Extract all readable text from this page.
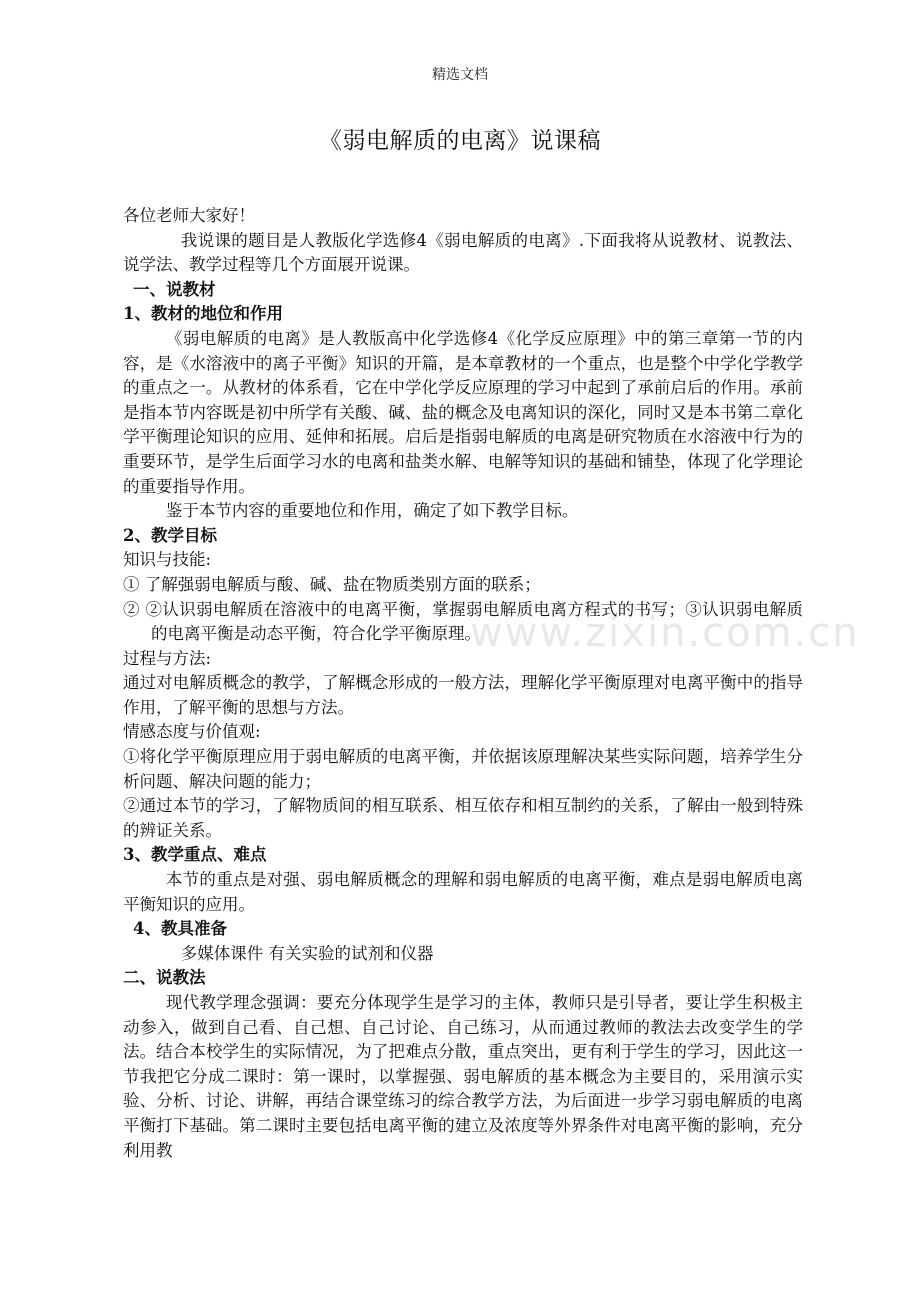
精选文档
《弱电解质的电离》说课稿
www.zixin.com.cn

各位老师大家好！

我说课的题目是人教版化学选修4《弱电解质的电离》.下面我将从说教材、说教法、说学法、教学过程等几个方面展开说课。

一、说教材

1、教材的地位和作用

《弱电解质的电离》是人教版高中化学选修4《化学反应原理》中的第三章第一节的内容，是《水溶液中的离子平衡》知识的开篇，是本章教材的一个重点，也是整个中学化学教学的重点之一。从教材的体系看，它在中学化学反应原理的学习中起到了承前启后的作用。承前是指本节内容既是初中所学有关酸、碱、盐的概念及电离知识的深化，同时又是本书第二章化学平衡理论知识的应用、延伸和拓展。启后是指弱电解质的电离是研究物质在水溶液中行为的重要环节，是学生后面学习水的电离和盐类水解、电解等知识的基础和铺垫，体现了化学理论的重要指导作用。

鉴于本节内容的重要地位和作用，确定了如下教学目标。

2、教学目标

知识与技能:

① 了解强弱电解质与酸、碱、盐在物质类别方面的联系；

② ②认识弱电解质在溶液中的电离平衡，掌握弱电解质电离方程式的书写；③认识弱电解质的电离平衡是动态平衡，符合化学平衡原理。

过程与方法:

通过对电解质概念的教学，了解概念形成的一般方法，理解化学平衡原理对电离平衡中的指导作用，了解平衡的思想与方法。

情感态度与价值观:

①将化学平衡原理应用于弱电解质的电离平衡，并依据该原理解决某些实际问题，培养学生分析问题、解决问题的能力；

②通过本节的学习，了解物质间的相互联系、相互依存和相互制约的关系，了解由一般到特殊的辨证关系。

3、教学重点、难点

本节的重点是对强、弱电解质概念的理解和弱电解质的电离平衡，难点是弱电解质电离平衡知识的应用。

4、教具准备

多媒体课件 有关实验的试剂和仪器

二、说教法

现代教学理念强调：要充分体现学生是学习的主体，教师只是引导者，要让学生积极主动参入，做到自己看、自己想、自己讨论、自己练习，从而通过教师的教法去改变学生的学法。结合本校学生的实际情况，为了把难点分散，重点突出，更有利于学生的学习，因此这一节我把它分成二课时：第一课时，以掌握强、弱电解质的基本概念为主要目的，采用演示实验、分析、讨论、讲解，再结合课堂练习的综合教学方法，为后面进一步学习弱电解质的电离平衡打下基础。第二课时主要包括电离平衡的建立及浓度等外界条件对电离平衡的影响，充分利用教
